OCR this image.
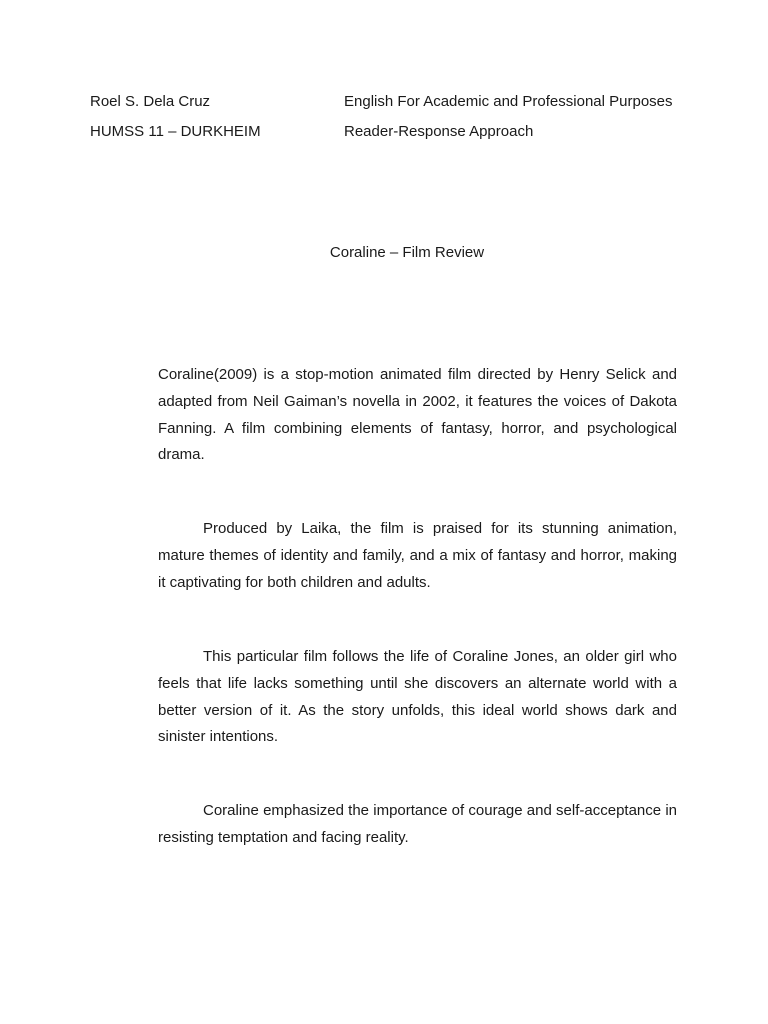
Roel S. Dela Cruz	English For Academic and Professional Purposes
HUMSS 11 – DURKHEIM	Reader-Response Approach
Coraline – Film Review

Coraline(2009) is a stop-motion animated film directed by Henry Selick and adapted from Neil Gaiman’s novella in 2002, it features the voices of Dakota Fanning. A film combining elements of fantasy, horror, and psychological drama.

Produced by Laika, the film is praised for its stunning animation, mature themes of identity and family, and a mix of fantasy and horror, making it captivating for both children and adults.

This particular film follows the life of Coraline Jones, an older girl who feels that life lacks something until she discovers an alternate world with a better version of it. As the story unfolds, this ideal world shows dark and sinister intentions.

Coraline emphasized the importance of courage and self-acceptance in resisting temptation and facing reality.
